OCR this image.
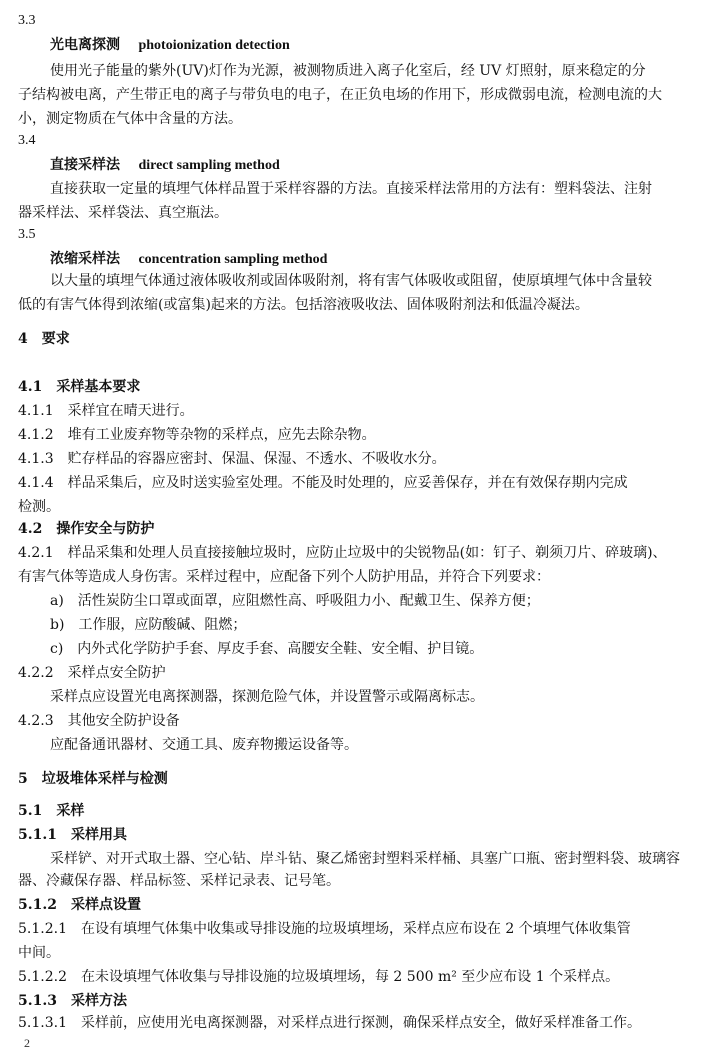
3.3
光电离探测 photoionization detection
使用光子能量的紫外(UV)灯作为光源，被测物质进入离子化室后，经 UV 灯照射，原来稳定的分
子结构被电离，产生带正电的离子与带负电的电子，在正负电场的作用下，形成微弱电流，检测电流的大
小，测定物质在气体中含量的方法。
3.4
直接采样法 direct sampling method
直接获取一定量的填埋气体样品置于采样容器的方法。直接采样法常用的方法有：塑料袋法、注射
器采样法、采样袋法、真空瓶法。
3.5
浓缩采样法 concentration sampling method
以大量的填埋气体通过液体吸收剂或固体吸附剂，将有害气体吸收或阻留，使原填埋气体中含量较
低的有害气体得到浓缩(或富集)起来的方法。包括溶液吸收法、固体吸附剂法和低温冷凝法。
4　要求
4.1　采样基本要求
4.1.1　采样宜在晴天进行。
4.1.2　堆有工业废弃物等杂物的采样点，应先去除杂物。
4.1.3　贮存样品的容器应密封、保温、保湿、不透水、不吸收水分。
4.1.4　样品采集后，应及时送实验室处理。不能及时处理的，应妥善保存，并在有效保存期内完成
检测。
4.2　操作安全与防护
4.2.1　样品采集和处理人员直接接触垃圾时，应防止垃圾中的尖锐物品(如：钉子、剃须刀片、碎玻璃)、
有害气体等造成人身伤害。采样过程中，应配备下列个人防护用品，并符合下列要求：
a)　活性炭防尘口罩或面罩，应阻燃性高、呼吸阻力小、配戴卫生、保养方便；
b)　工作服，应防酸碱、阻燃；
c)　内外式化学防护手套、厚皮手套、高腰安全鞋、安全帽、护目镜。
4.2.2　采样点安全防护
采样点应设置光电离探测器，探测危险气体，并设置警示或隔离标志。
4.2.3　其他安全防护设备
应配备通讯器材、交通工具、废弃物搬运设备等。
5　垃圾堆体采样与检测
5.1　采样
5.1.1　采样用具
采样铲、对开式取土器、空心钻、岸斗钻、聚乙烯密封塑料采样桶、具塞广口瓶、密封塑料袋、玻璃容
器、冷藏保存器、样品标签、采样记录表、记号笔。
5.1.2　采样点设置
5.1.2.1　在设有填埋气体集中收集或导排设施的垃圾填埋场，采样点应布设在 2 个填埋气体收集管
中间。
5.1.2.2　在未设填埋气体收集与导排设施的垃圾填埋场，每 2 500 m² 至少应布设 1 个采样点。
5.1.3　采样方法
5.1.3.1　采样前，应使用光电离探测器，对采样点进行探测，确保采样点安全，做好采样准备工作。
2
